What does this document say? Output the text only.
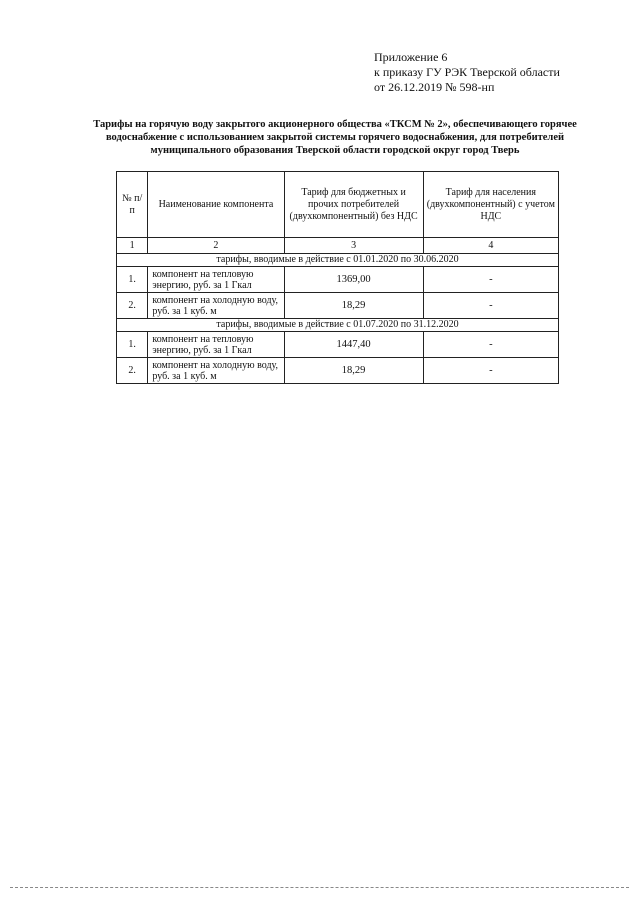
Приложение 6
к приказу ГУ РЭК Тверской области
от 26.12.2019 № 598-нп
Тарифы на горячую воду закрытого акционерного общества «ТКСМ № 2», обеспечивающего горячее водоснабжение с использованием закрытой системы горячего водоснабжения, для потребителей муниципального образования Тверской области городской округ город Тверь
№ п/п	Наименование компонента	Тариф для бюджетных и прочих потребителей (двухкомпонентный) без НДС	Тариф для населения (двухкомпонентный) с учетом НДС
1	2	3	4
тарифы, вводимые в действие с 01.01.2020 по 30.06.2020			
1.	компонент на тепловую энергию, руб. за 1 Гкал	1369,00	-
2.	компонент на холодную воду, руб. за 1 куб. м	18,29	-
тарифы, вводимые в действие с 01.07.2020 по 31.12.2020			
1.	компонент на тепловую энергию, руб. за 1 Гкал	1447,40	-
2.	компонент на холодную воду, руб. за 1 куб. м	18,29	-
